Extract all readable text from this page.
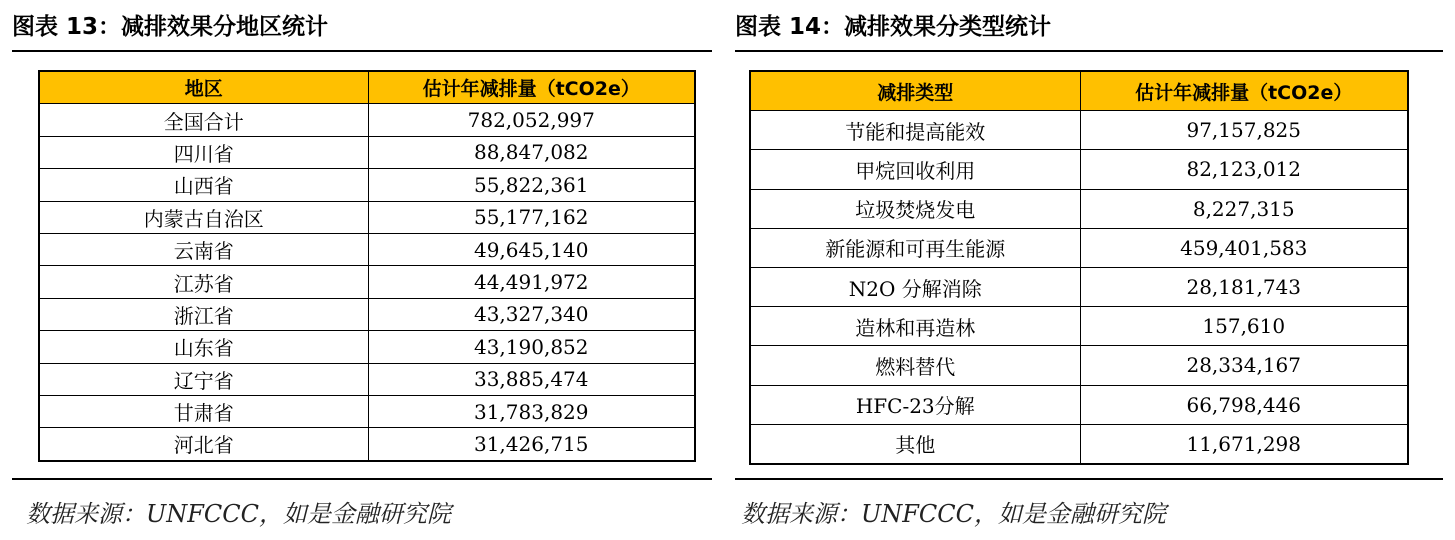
图表 13：减排效果分地区统计
地区	估计年减排量（tCO2e）
全国合计	782,052,997
四川省	88,847,082
山西省	55,822,361
内蒙古自治区	55,177,162
云南省	49,645,140
江苏省	44,491,972
浙江省	43,327,340
山东省	43,190,852
辽宁省	33,885,474
甘肃省	31,783,829
河北省	31,426,715
数据来源：UNFCCC，如是金融研究院
图表 14：减排效果分类型统计
减排类型	估计年减排量（tCO2e）
节能和提高能效	97,157,825
甲烷回收利用	82,123,012
垃圾焚烧发电	8,227,315
新能源和可再生能源	459,401,583
N2O 分解消除	28,181,743
造林和再造林	157,610
燃料替代	28,334,167
HFC-23分解	66,798,446
其他	11,671,298
数据来源：UNFCCC，如是金融研究院
